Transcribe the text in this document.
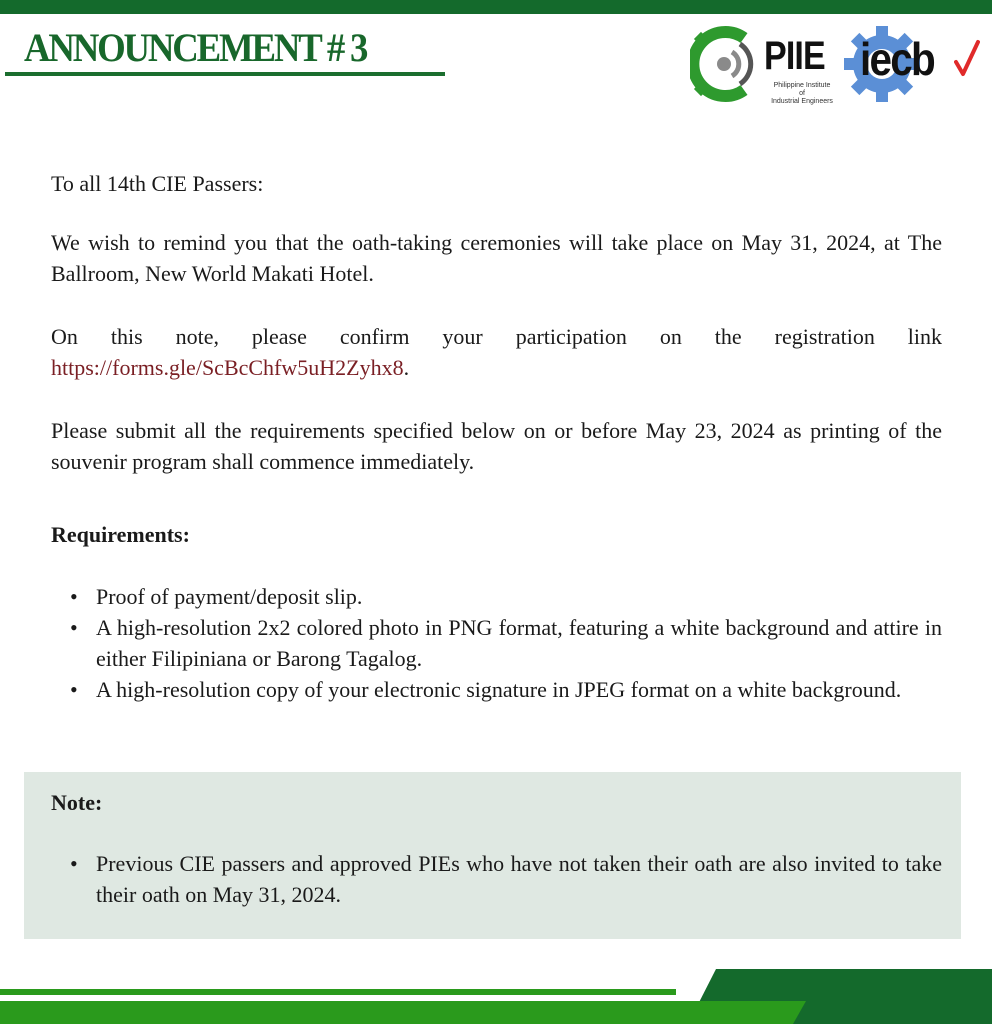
ANNOUNCEMENT # 3	PIIE
Philippine Institute of
Industrial Engineers
iecb

To all 14th CIE Passers:

We wish to remind you that the oath-taking ceremonies will take place on May 31, 2024, at The Ballroom, New World Makati Hotel.

On this note, please confirm your participation on the registration link https://forms.gle/ScBcChfw5uH2Zyhx8.

Please submit all the requirements specified below on or before May 23, 2024 as printing of the souvenir program shall commence immediately.

Requirements:
• Proof of payment/deposit slip.
• A high-resolution 2x2 colored photo in PNG format, featuring a white background and attire in either Filipiniana or Barong Tagalog.
• A high-resolution copy of your electronic signature in JPEG format on a white background.
Note:
• Previous CIE passers and approved PIEs who have not taken their oath are also invited to take their oath on May 31, 2024.
